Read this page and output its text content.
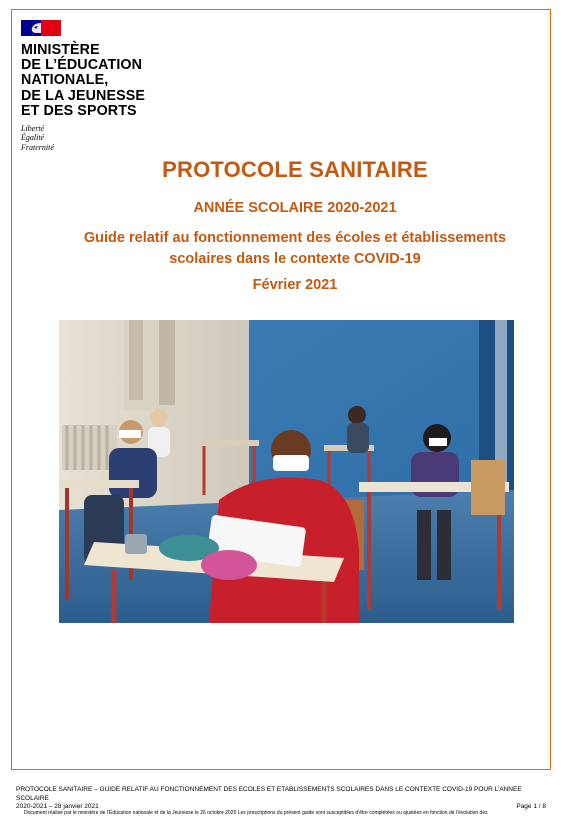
MINISTÈRE
DE L’ÉDUCATION
NATIONALE,
DE LA JEUNESSE
ET DES SPORTS
Liberté
Égalité
Fraternité
PROTOCOLE SANITAIRE
ANNÉE SCOLAIRE 2020-2021
Guide relatif au fonctionnement des écoles et établissements
scolaires dans le contexte COVID-19
Février 2021
PROTOCOLE SANITAIRE – GUIDE RELATIF AU FONCTIONNEMENT DES ECOLES ET ETABLISSEMENTS SCOLAIRES DANS LE CONTEXTE COVID-19 POUR L’ANNEE SCOLAIRE
2020-2021 – 28 janvier 2021	Page 1 / 8
Document réalisé par le ministère de l’Éducation nationale et de la Jeunesse le 26 octobre 2020 Les prescriptions du présent guide sont susceptibles d’être complétées ou ajustées en fonction de l’évolution des
